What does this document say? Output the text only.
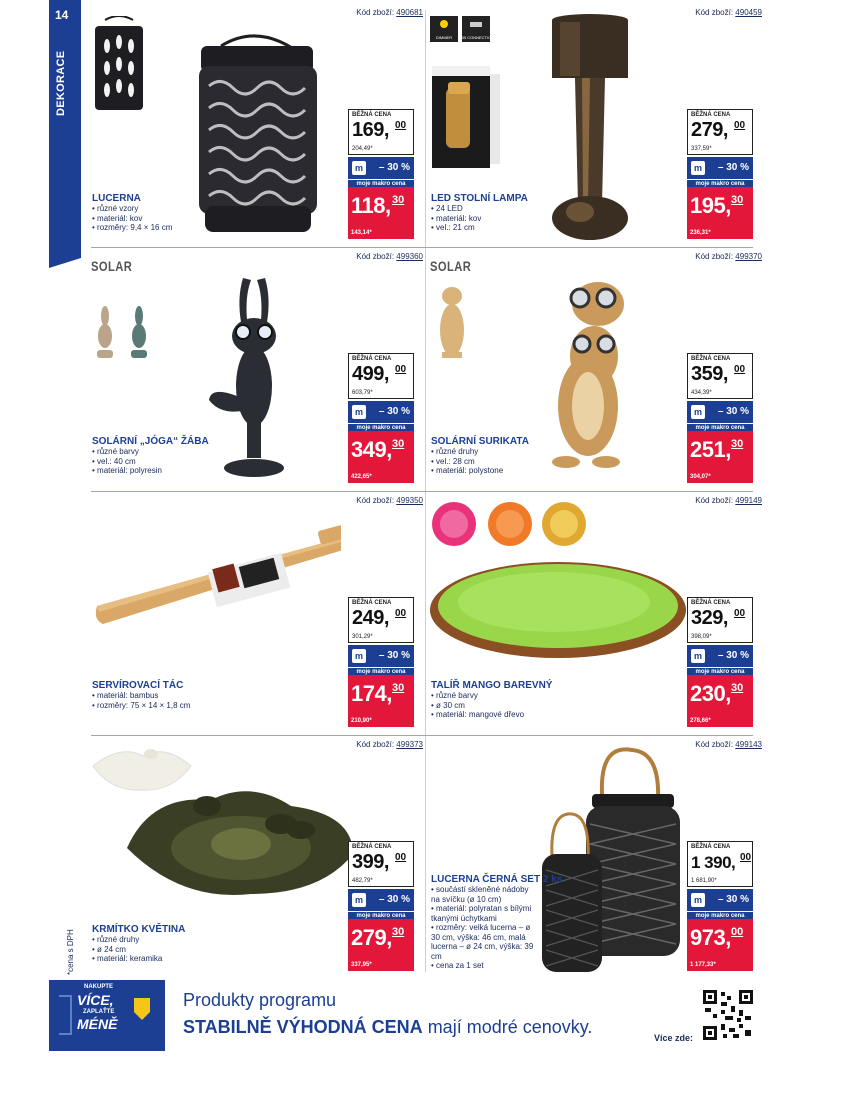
14
DEKORACE
*cena s DPH
Kód zboží: 490681
LUCERNA
• různé vzory
• materiál: kov
• rozměry: 9,4 × 16 cm
BĚŽNÁ CENA
169, 00
204,49*
m	– 30 %
moje makro cena
118, 30
143,14*
Kód zboží: 490459
DIMMER USB CONNECTION
LED STOLNÍ LAMPA
• 24 LED
• materiál: kov
• vel.: 21 cm
BĚŽNÁ CENA
279, 00
337,59*
m	– 30 %
moje makro cena
195, 30
236,31*
Kód zboží: 499360
SOLAR
SOLÁRNÍ „JÓGA“ ŽÁBA
• různé barvy
• vel.: 40 cm
• materiál: polyresin
BĚŽNÁ CENA
499, 00
603,79*
m	– 30 %
moje makro cena
349, 30
422,65*
Kód zboží: 499370
SOLAR
SOLÁRNÍ SURIKATA
• různé druhy
• vel.: 28 cm
• materiál: polystone
BĚŽNÁ CENA
359, 00
434,39*
m	– 30 %
moje makro cena
251, 30
304,07*
Kód zboží: 499350
SERVÍROVACÍ TÁC
• materiál: bambus
• rozměry: 75 × 14 × 1,8 cm
BĚŽNÁ CENA
249, 00
301,29*
m	– 30 %
moje makro cena
174, 30
210,90*
Kód zboží: 499149
TALÍŘ MANGO BAREVNÝ
• různé barvy
• ø 30 cm
• materiál: mangové dřevo
BĚŽNÁ CENA
329, 00
398,09*
m	– 30 %
moje makro cena
230, 30
278,66*
Kód zboží: 499373
KRMÍTKO KVĚTINA
• různé druhy
• ø 24 cm
• materiál: keramika
BĚŽNÁ CENA
399, 00
482,79*
m	– 30 %
moje makro cena
279, 30
337,95*
Kód zboží: 499143
LUCERNA ČERNÁ SET 2 ks
• součástí skleněné nádoby na svíčku (ø 10 cm)
• materiál: polyratan s bílými tkanými úchytkami
• rozměry: velká lucerna – ø 30 cm, výška: 46 cm, malá lucerna – ø 24 cm, výška: 39 cm
• cena za 1 set
BĚŽNÁ CENA
1 390, 00
1 681,90*
m	– 30 %
moje makro cena
973, 00
1 177,33*
NAKUPTE
VÍCE,
ZAPLAŤTE
MÉNĚ
Produkty programu
STABILNĚ VÝHODNÁ CENA mají modré cenovky.
Více zde:
